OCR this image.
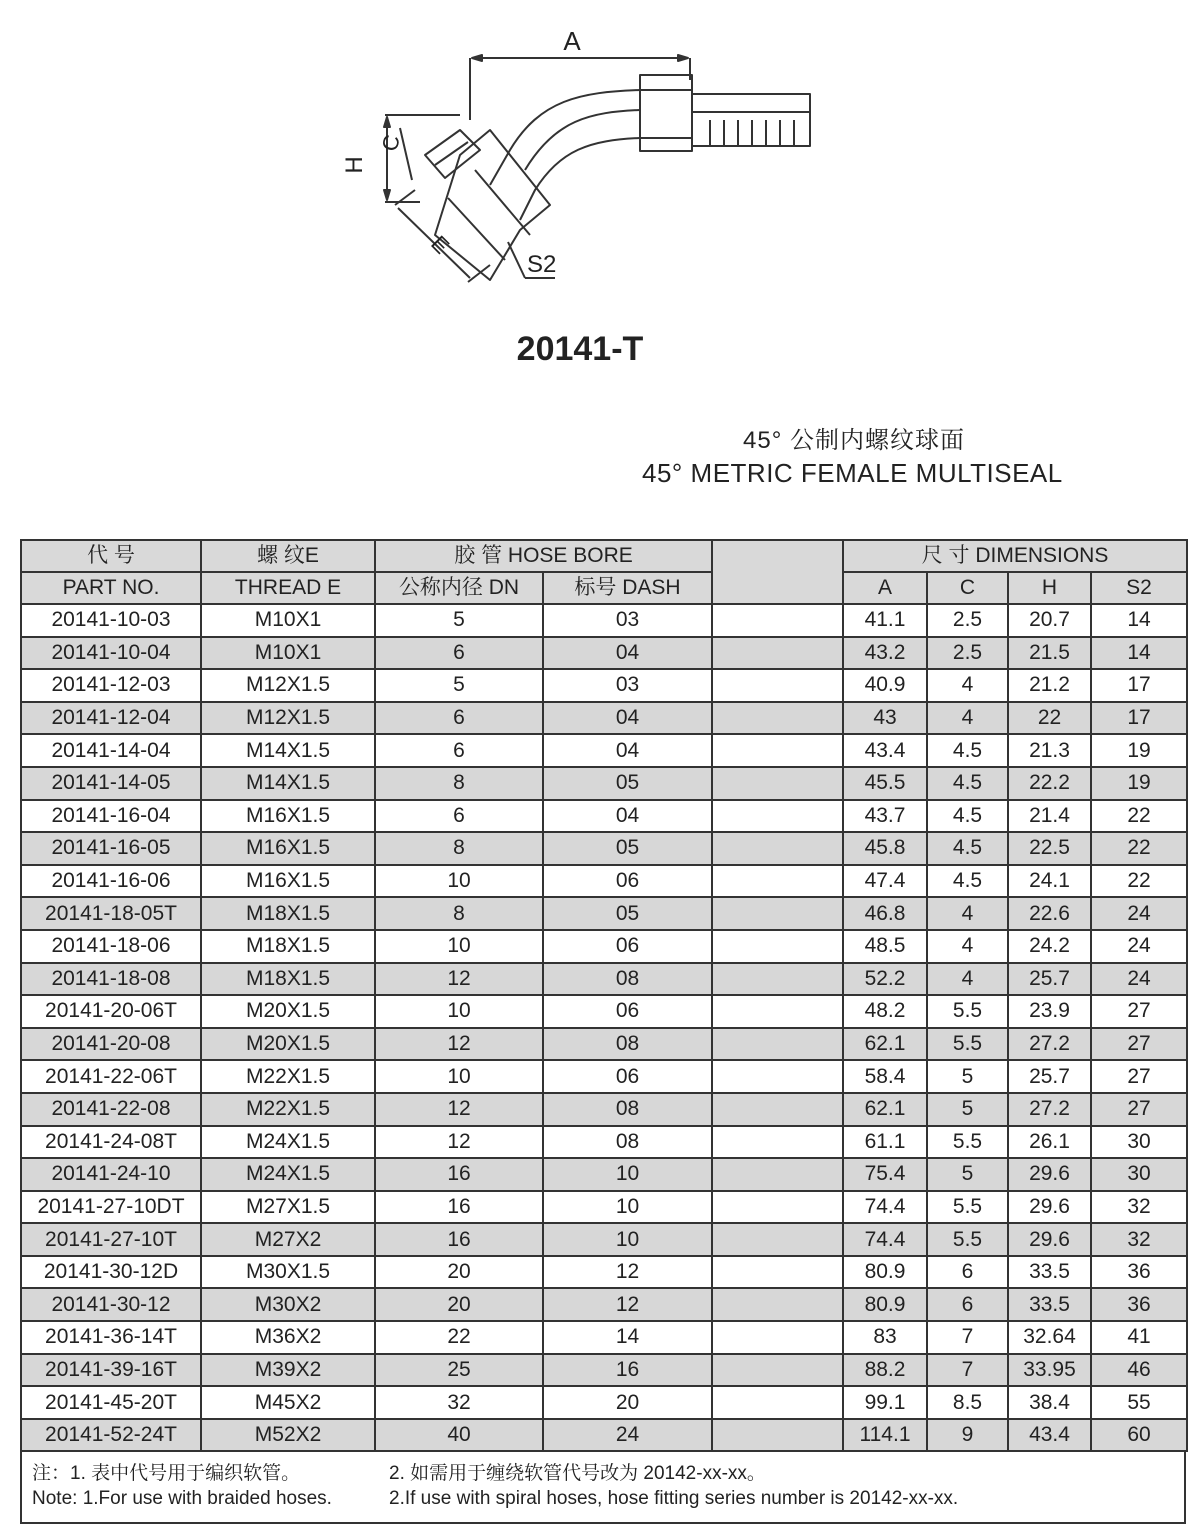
A
H
C
E
S2
20141-T
45° 公制内螺纹球面
45° METRIC FEMALE MULTISEAL
代 号	螺 纹E	胶 管 HOSE BORE			尺 寸 DIMENSIONS			
PART NO.	THREAD E	公称内径 DN	标号 DASH		A	C	H	S2
20141-10-03	M10X1	5	03		41.1	2.5	20.7	14
20141-10-04	M10X1	6	04		43.2	2.5	21.5	14
20141-12-03	M12X1.5	5	03		40.9	4	21.2	17
20141-12-04	M12X1.5	6	04		43	4	22	17
20141-14-04	M14X1.5	6	04		43.4	4.5	21.3	19
20141-14-05	M14X1.5	8	05		45.5	4.5	22.2	19
20141-16-04	M16X1.5	6	04		43.7	4.5	21.4	22
20141-16-05	M16X1.5	8	05		45.8	4.5	22.5	22
20141-16-06	M16X1.5	10	06		47.4	4.5	24.1	22
20141-18-05T	M18X1.5	8	05		46.8	4	22.6	24
20141-18-06	M18X1.5	10	06		48.5	4	24.2	24
20141-18-08	M18X1.5	12	08		52.2	4	25.7	24
20141-20-06T	M20X1.5	10	06		48.2	5.5	23.9	27
20141-20-08	M20X1.5	12	08		62.1	5.5	27.2	27
20141-22-06T	M22X1.5	10	06		58.4	5	25.7	27
20141-22-08	M22X1.5	12	08		62.1	5	27.2	27
20141-24-08T	M24X1.5	12	08		61.1	5.5	26.1	30
20141-24-10	M24X1.5	16	10		75.4	5	29.6	30
20141-27-10DT	M27X1.5	16	10		74.4	5.5	29.6	32
20141-27-10T	M27X2	16	10		74.4	5.5	29.6	32
20141-30-12D	M30X1.5	20	12		80.9	6	33.5	36
20141-30-12	M30X2	20	12		80.9	6	33.5	36
20141-36-14T	M36X2	22	14		83	7	32.64	41
20141-39-16T	M39X2	25	16		88.2	7	33.95	46
20141-45-20T	M45X2	32	20		99.1	8.5	38.4	55
20141-52-24T	M52X2	40	24		114.1	9	43.4	60
注：1. 表中代号用于编织软管。	2. 如需用于缠绕软管代号改为 20142-xx-xx。
Note: 1.For use with braided hoses.	2.If use with spiral hoses, hose fitting series number is 20142-xx-xx.
